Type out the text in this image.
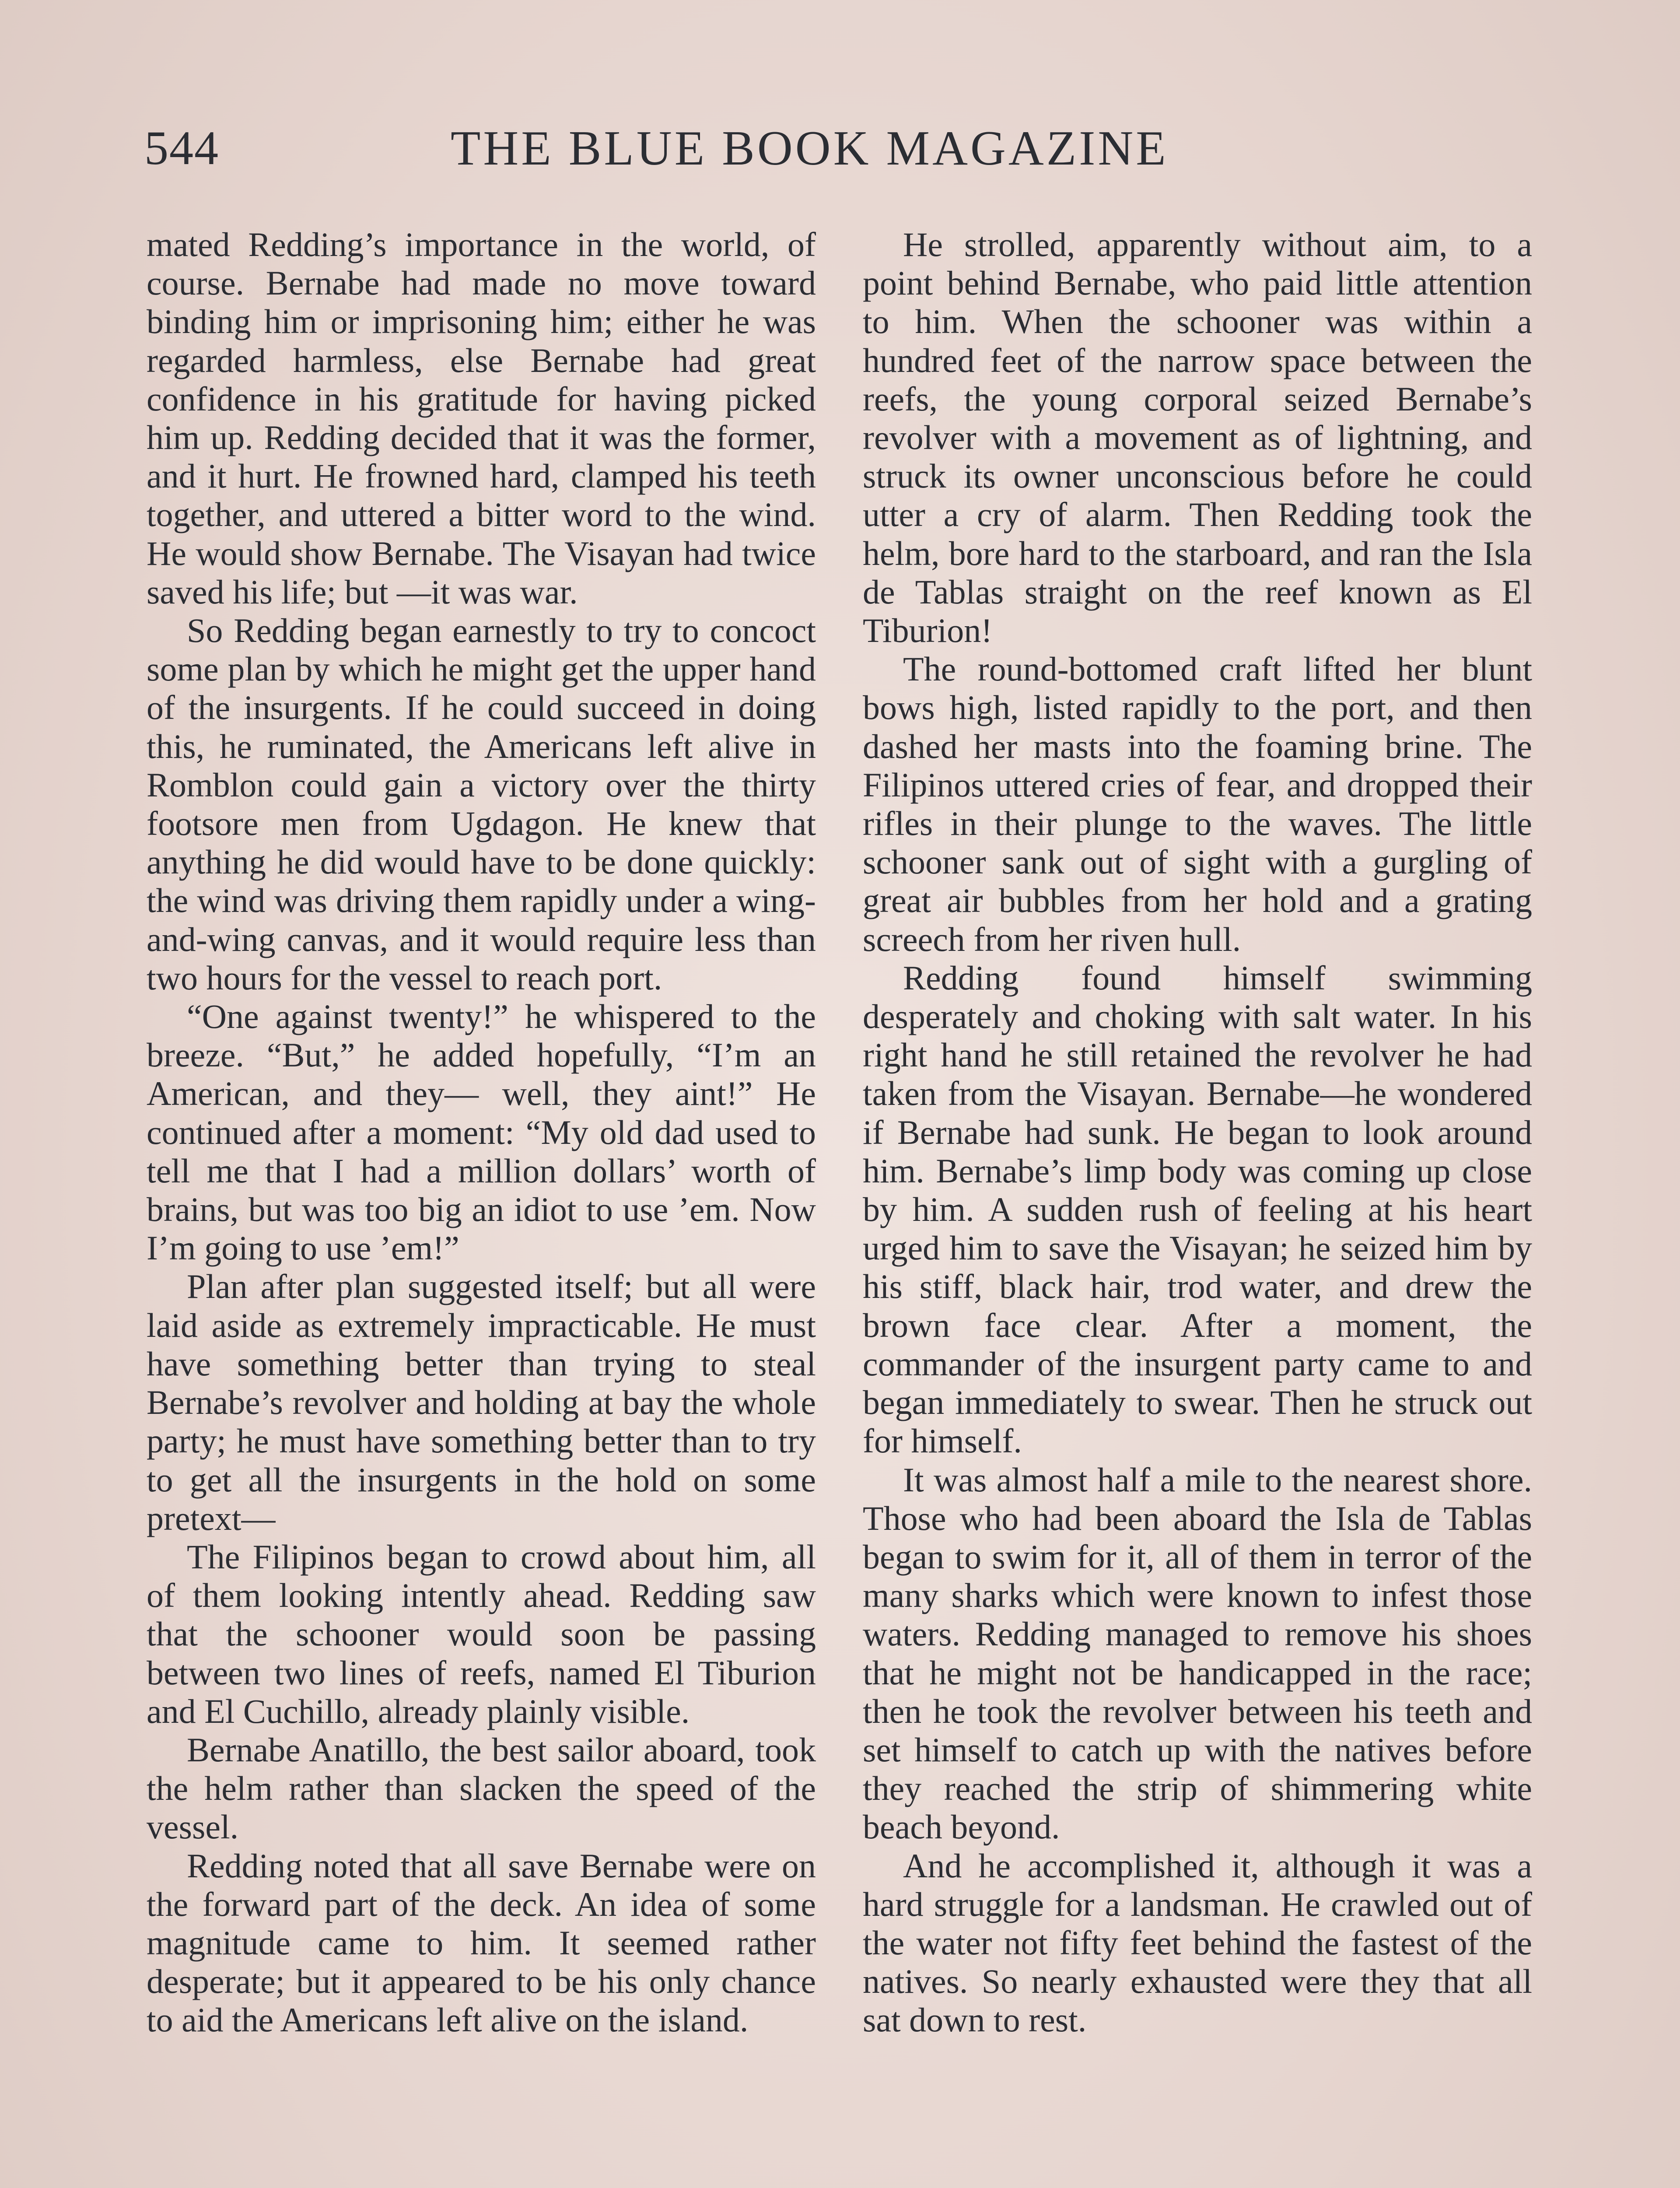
544	THE BLUE BOOK MAGAZINE

mated Redding’s importance in the world, of course. Bernabe had made no move toward binding him or imprisoning him; either he was regarded harmless, else Bernabe had great confidence in his gratitude for having picked him up. Redding decided that it was the former, and it hurt. He frowned hard, clamped his teeth together, and uttered a bitter word to the wind. He would show Bernabe. The Visayan had twice saved his life; but —it was war.

So Redding began earnestly to try to concoct some plan by which he might get the upper hand of the insurgents. If he could succeed in doing this, he ruminated, the Americans left alive in Romblon could gain a victory over the thirty footsore men from Ugdagon. He knew that anything he did would have to be done quickly: the wind was driving them rapidly under a wing-and-wing canvas, and it would require less than two hours for the vessel to reach port.

“One against twenty!” he whispered to the breeze. “But,” he added hopefully, “I’m an American, and they— well, they aint!” He continued after a moment: “My old dad used to tell me that I had a million dollars’ worth of brains, but was too big an idiot to use ’em. Now I’m going to use ’em!”

Plan after plan suggested itself; but all were laid aside as extremely impracticable. He must have something better than trying to steal Bernabe’s revolver and holding at bay the whole party; he must have something better than to try to get all the insurgents in the hold on some pretext—

The Filipinos began to crowd about him, all of them looking intently ahead. Redding saw that the schooner would soon be passing between two lines of reefs, named El Tiburion and El Cuchillo, already plainly visible.

Bernabe Anatillo, the best sailor aboard, took the helm rather than slacken the speed of the vessel.

Redding noted that all save Bernabe were on the forward part of the deck. An idea of some magnitude came to him. It seemed rather desperate; but it appeared to be his only chance to aid the Americans left alive on the island.

He strolled, apparently without aim, to a point behind Bernabe, who paid little attention to him. When the schooner was within a hundred feet of the narrow space between the reefs, the young corporal seized Bernabe’s revolver with a movement as of lightning, and struck its owner unconscious before he could utter a cry of alarm. Then Redding took the helm, bore hard to the starboard, and ran the Isla de Tablas straight on the reef known as El Tiburion!

The round-bottomed craft lifted her blunt bows high, listed rapidly to the port, and then dashed her masts into the foaming brine. The Filipinos uttered cries of fear, and dropped their rifles in their plunge to the waves. The little schooner sank out of sight with a gurgling of great air bubbles from her hold and a grating screech from her riven hull.

Redding found himself swimming desperately and choking with salt water. In his right hand he still retained the revolver he had taken from the Visayan. Bernabe—he wondered if Bernabe had sunk. He began to look around him. Bernabe’s limp body was coming up close by him. A sudden rush of feeling at his heart urged him to save the Visayan; he seized him by his stiff, black hair, trod water, and drew the brown face clear. After a moment, the commander of the insurgent party came to and began immediately to swear. Then he struck out for himself.

It was almost half a mile to the nearest shore. Those who had been aboard the Isla de Tablas began to swim for it, all of them in terror of the many sharks which were known to infest those waters. Redding managed to remove his shoes that he might not be handicapped in the race; then he took the revolver between his teeth and set himself to catch up with the natives before they reached the strip of shimmering white beach beyond.

And he accomplished it, although it was a hard struggle for a landsman. He crawled out of the water not fifty feet behind the fastest of the natives. So nearly exhausted were they that all sat down to rest.
